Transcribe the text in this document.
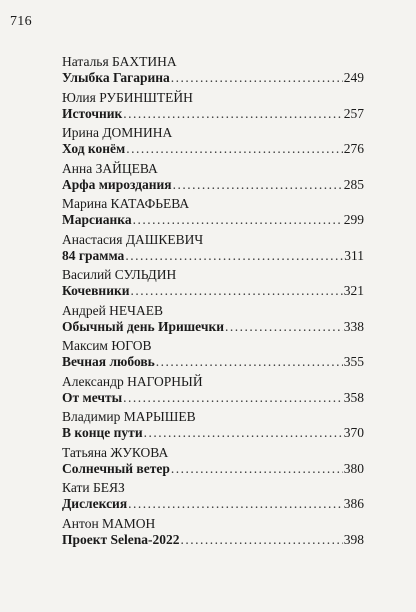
716
Наталья БАХТИНА
Улыбка Гагарина .....	249
Юлия РУБИНШТЕЙН
Источник .....	257
Ирина ДОМНИНА
Ход конём .....	276
Анна ЗАЙЦЕВА
Арфа мироздания .....	285
Марина КАТАФЬЕВА
Марсианка .....	299
Анастасия ДАШКЕВИЧ
84 грамма .....	311
Василий СУЛЬДИН
Кочевники .....	321
Андрей НЕЧАЕВ
Обычный день Иришечки .....	338
Максим ЮГОВ
Вечная любовь .....	355
Александр НАГОРНЫЙ
От мечты .....	358
Владимир МАРЫШЕВ
В конце пути .....	370
Татьяна ЖУКОВА
Солнечный ветер .....	380
Кати БЕЯЗ
Дислексия .....	386
Антон МАМОН
Проект Selena-2022 .....	398
